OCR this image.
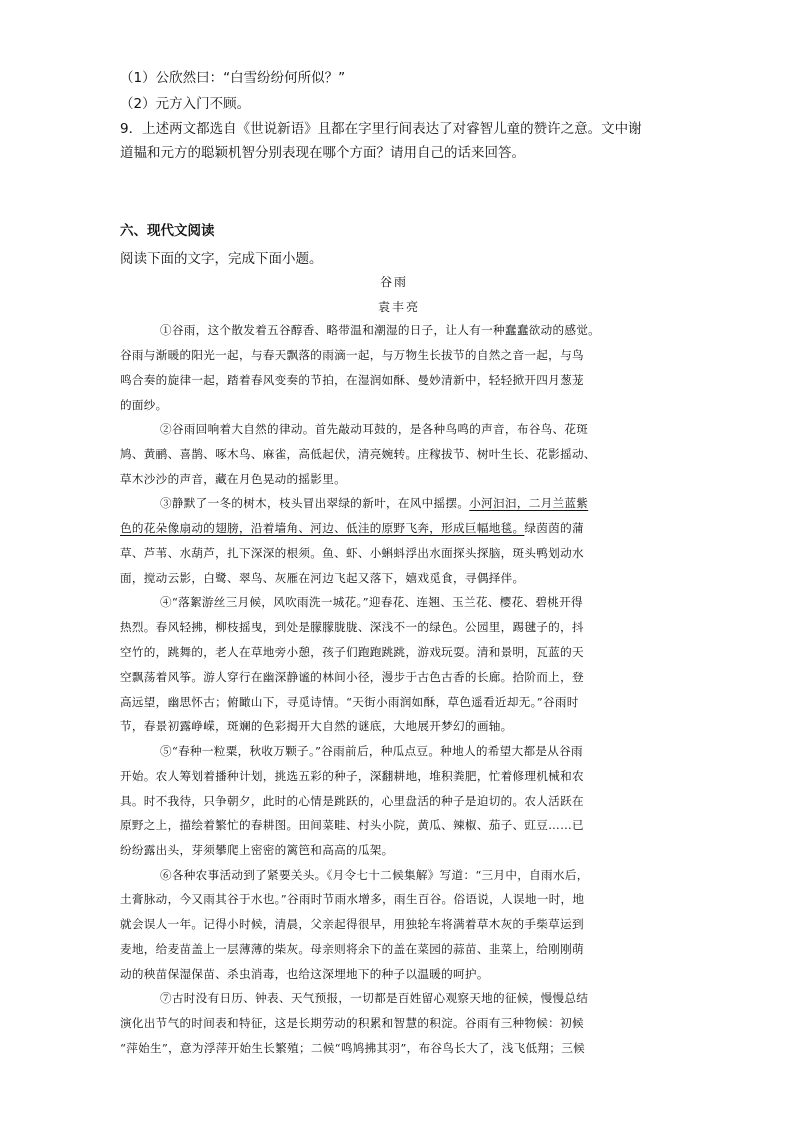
（1）公欣然曰：“白雪纷纷何所似？”
（2）元方入门不顾。
9．上述两文都选自《世说新语》且都在字里行间表达了对睿智儿童的赞许之意。文中谢
道韫和元方的聪颖机智分别表现在哪个方面？请用自己的话来回答。
六、现代文阅读
阅读下面的文字，完成下面小题。
谷雨
袁丰亮
①谷雨，这个散发着五谷醇香、略带温和潮湿的日子，让人有一种蠢蠢欲动的感觉。
谷雨与渐暖的阳光一起，与春天飘落的雨滴一起，与万物生长拔节的自然之音一起，与鸟
鸣合奏的旋律一起，踏着春风变奏的节拍，在湿润如酥、曼妙清新中，轻轻掀开四月葱茏
的面纱。
②谷雨回响着大自然的律动。首先敲动耳鼓的，是各种鸟鸣的声音，布谷鸟、花斑
鸠、黄鹂、喜鹊、啄木鸟、麻雀，高低起伏，清亮婉转。庄稼拔节、树叶生长、花影摇动、
草木沙沙的声音，藏在月色晃动的摇影里。
③静默了一冬的树木，枝头冒出翠绿的新叶，在风中摇摆。小河汩汩，二月兰蓝紫
色的花朵像扇动的翅膀，沿着墙角、河边、低洼的原野飞奔，形成巨幅地毯。绿茵茵的蒲
草、芦苇、水葫芦，扎下深深的根须。鱼、虾、小蝌蚪浮出水面探头探脑，斑头鸭划动水
面，搅动云影，白鹭、翠鸟、灰雁在河边飞起又落下，嬉戏觅食，寻偶择伴。
④“落絮游丝三月候，风吹雨洗一城花。”迎春花、连翘、玉兰花、樱花、碧桃开得
热烈。春风轻拂，柳枝摇曳，到处是朦朦胧胧、深浅不一的绿色。公园里，踢毽子的，抖
空竹的，跳舞的，老人在草地旁小憩，孩子们跑跑跳跳，游戏玩耍。清和景明，瓦蓝的天
空飘荡着风筝。游人穿行在幽深静谧的林间小径，漫步于古色古香的长廊。拾阶而上，登
高远望，幽思怀古；俯瞰山下，寻觅诗情。“天街小雨润如酥，草色遥看近却无。”谷雨时
节，春景初露峥嵘，斑斓的色彩揭开大自然的谜底，大地展开梦幻的画轴。
⑤“春种一粒粟，秋收万颗子。”谷雨前后，种瓜点豆。种地人的希望大都是从谷雨
开始。农人筹划着播种计划，挑选五彩的种子，深翻耕地，堆积粪肥，忙着修理机械和农
具。时不我待，只争朝夕，此时的心情是跳跃的，心里盘活的种子是迫切的。农人活跃在
原野之上，描绘着繁忙的春耕图。田间菜畦、村头小院，黄瓜、辣椒、茄子、豇豆……已
纷纷露出头，芽须攀爬上密密的篱笆和高高的瓜架。
⑥各种农事活动到了紧要关头。《月令七十二候集解》写道：“三月中，自雨水后，
土膏脉动，今又雨其谷于水也。”谷雨时节雨水增多，雨生百谷。俗语说，人误地一时，地
就会误人一年。记得小时候，清晨，父亲起得很早，用独轮车将满着草木灰的手柴草运到
麦地，给麦苗盖上一层薄薄的柴灰。母亲则将余下的盖在菜园的蒜苗、韭菜上，给刚刚萌
动的秧苗保湿保苗、杀虫消毒，也给这深埋地下的种子以温暖的呵护。
⑦古时没有日历、钟表、天气预报，一切都是百姓留心观察天地的征候，慢慢总结
演化出节气的时间表和特征，这是长期劳动的积累和智慧的积淀。谷雨有三种物候：初候
“萍始生”，意为浮萍开始生长繁殖；二候“鸣鸠拂其羽”，布谷鸟长大了，浅飞低翔；三候
